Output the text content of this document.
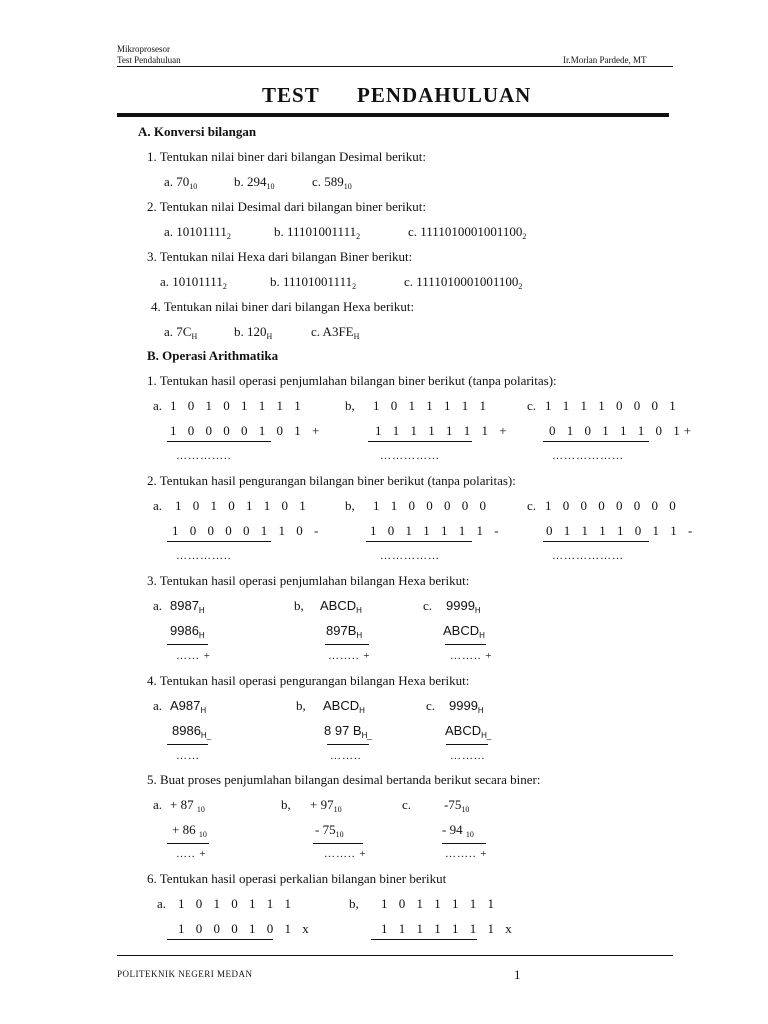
Mikroprosesor
Test Pendahuluan	Ir.Morlan Pardede, MT
TEST PENDAHULUAN
A. Konversi bilangan
1. Tentukan nilai biner dari bilangan Desimal berikut:
a. $70_{10}$	b. $294_{10}$	c. $589_{10}$
2. Tentukan nilai Desimal dari bilangan biner berikut:
a. $10101111_2$	b. $11101001111_2$	c. $1111010001001100_2$
3. Tentukan nilai Hexa dari bilangan Biner berikut:
a. $10101111_2$	b. $11101001111_2$	c. $1111010001001100_2$
4. Tentukan nilai biner dari bilangan Hexa berikut:
a. $7C_H$	b. $120_H$	c. $A3FE_H$
B. Operasi Arithmatika
1. Tentukan hasil operasi penjumlahan bilangan biner berikut (tanpa polaritas):
a. 1 0 1 0 1 1 1 1
1 0 0 0 0 1 0 1 +
…………..
b, 1 0 1 1 1 1 1
1 1 1 1 1 1 1 +
……………
c. 1 1 1 1 0 0 0 1
0 1 0 1 1 1 0 1+
………………
2. Tentukan hasil pengurangan bilangan biner berikut (tanpa polaritas):
a. 1 0 1 0 1 1 0 1
1 0 0 0 0 1 1 0 -
…………..
b, 1 1 0 0 0 0 0
1 0 1 1 1 1 1 -
……………
c. 1 0 0 0 0 0 0 0
0 1 1 1 1 0 1 1 -
………………
3. Tentukan hasil operasi penjumlahan bilangan Hexa berikut:
a. $8987_H$
$9986_H$
…… +
b, $ABCD_H$
$897B_H$
…….. +
c. $9999_H$
$ABCD_H$
…….. +
4. Tentukan hasil operasi pengurangan bilangan Hexa berikut:
a. $A987_H$
$8986_{H\_}$
……
b, $ABCD_H$
8 97 $B_{H\_}$
……..
c. $9999_H$
$ABCD_{H\_}$
……...
5. Buat proses penjumlahan bilangan desimal bertanda berikut secara biner:
a. + 87 $_{10}$
+ 86 $_{10}$
….. +
b, + $97_{10}$
- $75_{10}$
…….. +
c.	$-75_{10}$
- 94 $_{10}$
…….. +
6. Tentukan hasil operasi perkalian bilangan biner berikut
a. 1 0 1 0 1 1 1
1 0 0 0 1 0 1 x
b, 1 0 1 1 1 1 1
1 1 1 1 1 1 1 x
POLITEKNIK NEGERI MEDAN	1
